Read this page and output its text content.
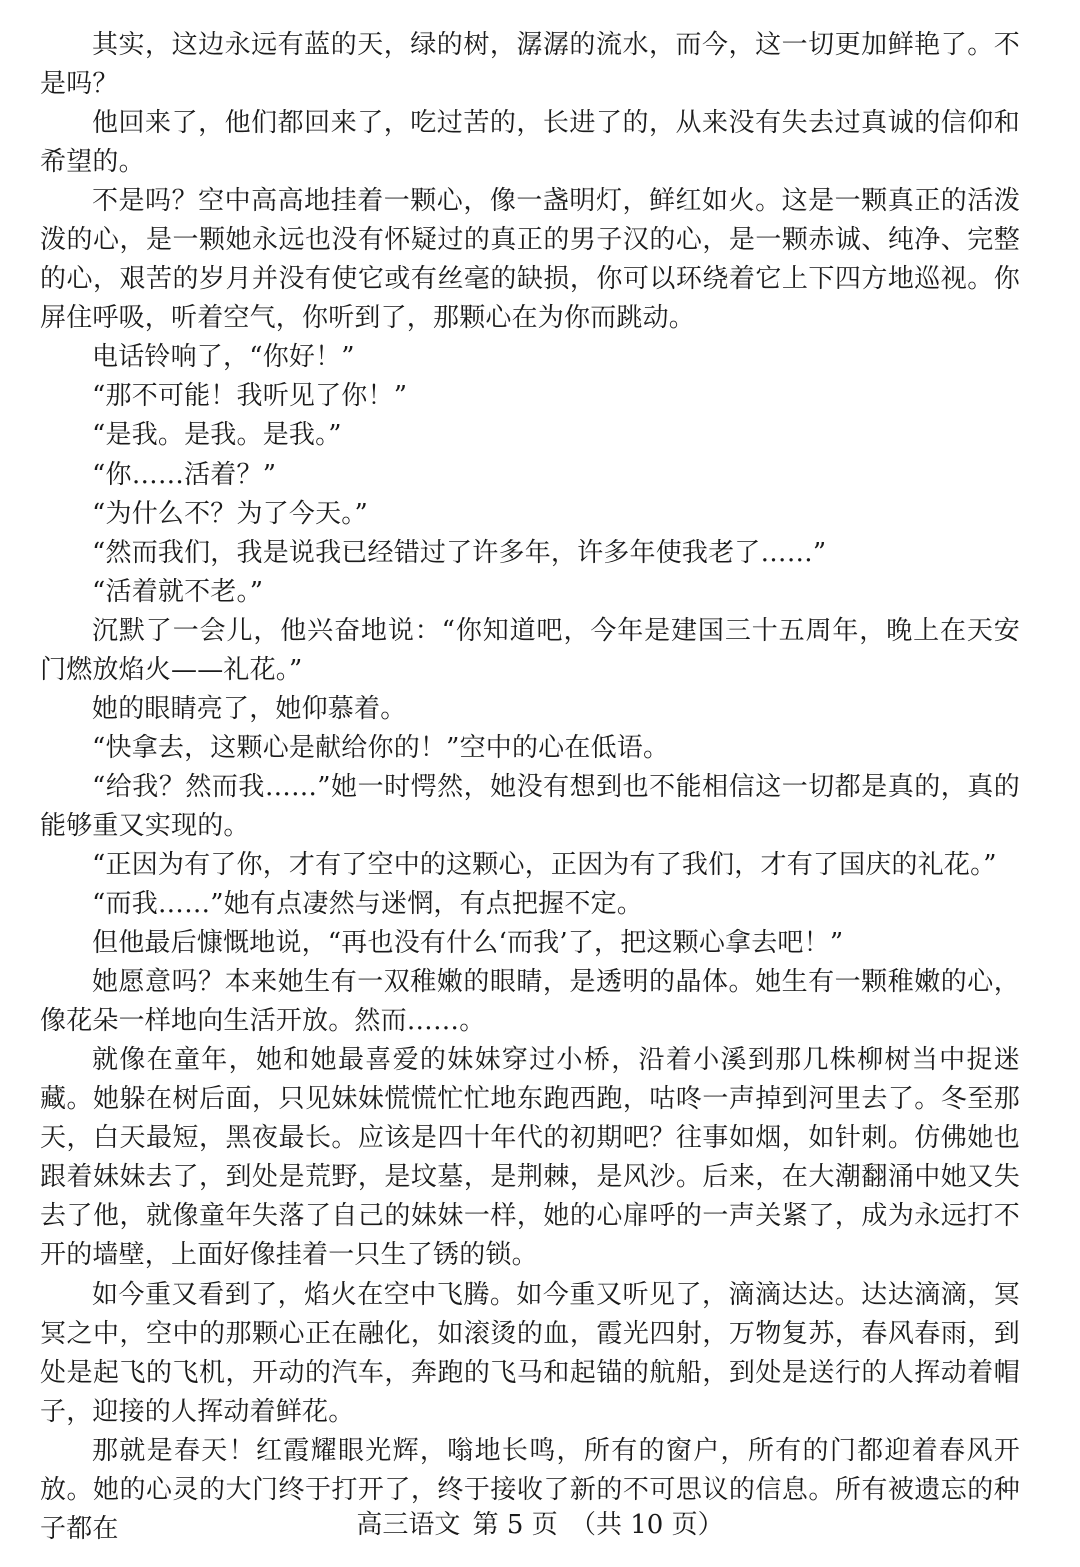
其实，这边永远有蓝的天，绿的树，潺潺的流水，而今，这一切更加鲜艳了。不是吗？

他回来了，他们都回来了，吃过苦的，长进了的，从来没有失去过真诚的信仰和希望的。

不是吗？空中高高地挂着一颗心，像一盏明灯，鲜红如火。这是一颗真正的活泼泼的心，是一颗她永远也没有怀疑过的真正的男子汉的心，是一颗赤诚、纯净、完整的心，艰苦的岁月并没有使它或有丝毫的缺损，你可以环绕着它上下四方地巡视。你屏住呼吸，听着空气，你听到了，那颗心在为你而跳动。

电话铃响了，“你好！”

“那不可能！我听见了你！”

“是我。是我。是我。”

“你……活着？”

“为什么不？为了今天。”

“然而我们，我是说我已经错过了许多年，许多年使我老了……”

“活着就不老。”

沉默了一会儿，他兴奋地说：“你知道吧，今年是建国三十五周年，晚上在天安门燃放焰火——礼花。”

她的眼睛亮了，她仰慕着。

“快拿去，这颗心是献给你的！”空中的心在低语。

“给我？然而我……”她一时愕然，她没有想到也不能相信这一切都是真的，真的能够重又实现的。

“正因为有了你，才有了空中的这颗心，正因为有了我们，才有了国庆的礼花。”

“而我……”她有点凄然与迷惘，有点把握不定。

但他最后慷慨地说，“再也没有什么‘而我’了，把这颗心拿去吧！”

她愿意吗？本来她生有一双稚嫩的眼睛，是透明的晶体。她生有一颗稚嫩的心，像花朵一样地向生活开放。然而……。

就像在童年，她和她最喜爱的妹妹穿过小桥，沿着小溪到那几株柳树当中捉迷藏。她躲在树后面，只见妹妹慌慌忙忙地东跑西跑，咕咚一声掉到河里去了。冬至那天，白天最短，黑夜最长。应该是四十年代的初期吧？往事如烟，如针刺。仿佛她也跟着妹妹去了，到处是荒野，是坟墓，是荆棘，是风沙。后来，在大潮翻涌中她又失去了他，就像童年失落了自己的妹妹一样，她的心扉呼的一声关紧了，成为永远打不开的墙壁，上面好像挂着一只生了锈的锁。

如今重又看到了，焰火在空中飞腾。如今重又听见了，滴滴达达。达达滴滴，冥冥之中，空中的那颗心正在融化，如滚烫的血，霞光四射，万物复苏，春风春雨，到处是起飞的飞机，开动的汽车，奔跑的飞马和起锚的航船，到处是送行的人挥动着帽子，迎接的人挥动着鲜花。

那就是春天！红霞耀眼光辉，嗡地长鸣，所有的窗户，所有的门都迎着春风开放。她的心灵的大门终于打开了，终于接收了新的不可思议的信息。所有被遗忘的种子都在	高三语文 第 5 页 （共 10 页）
